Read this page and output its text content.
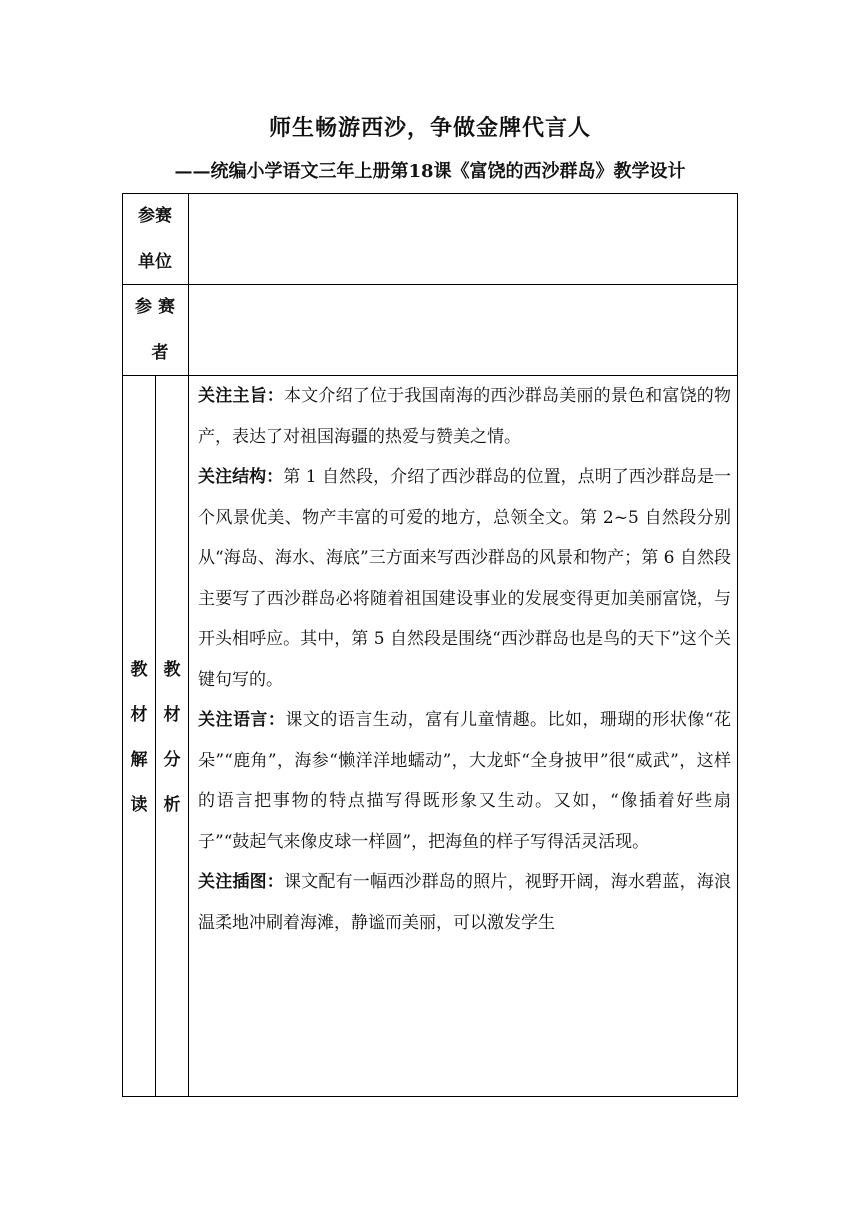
师生畅游西沙，争做金牌代言人
——统编小学语文三年上册第18课《富饶的西沙群岛》教学设计
参赛
单位
参 赛
者
教
材
解
读
教
材
分
析

关注主旨：本文介绍了位于我国南海的西沙群岛美丽的景色和富饶的物产，表达了对祖国海疆的热爱与赞美之情。

关注结构：第 1 自然段，介绍了西沙群岛的位置，点明了西沙群岛是一个风景优美、物产丰富的可爱的地方，总领全文。第 2~5 自然段分别从“海岛、海水、海底”三方面来写西沙群岛的风景和物产；第 6 自然段主要写了西沙群岛必将随着祖国建设事业的发展变得更加美丽富饶，与开头相呼应。其中，第 5 自然段是围绕“西沙群岛也是鸟的天下”这个关键句写的。

关注语言：课文的语言生动，富有儿童情趣。比如，珊瑚的形状像“花朵”“鹿角”，海参“懒洋洋地蠕动”，大龙虾“全身披甲”很“威武”，这样的语言把事物的特点描写得既形象又生动。又如，“像插着好些扇子”“鼓起气来像皮球一样圆”，把海鱼的样子写得活灵活现。

关注插图：课文配有一幅西沙群岛的照片，视野开阔，海水碧蓝，海浪温柔地冲刷着海滩，静谧而美丽，可以激发学生
